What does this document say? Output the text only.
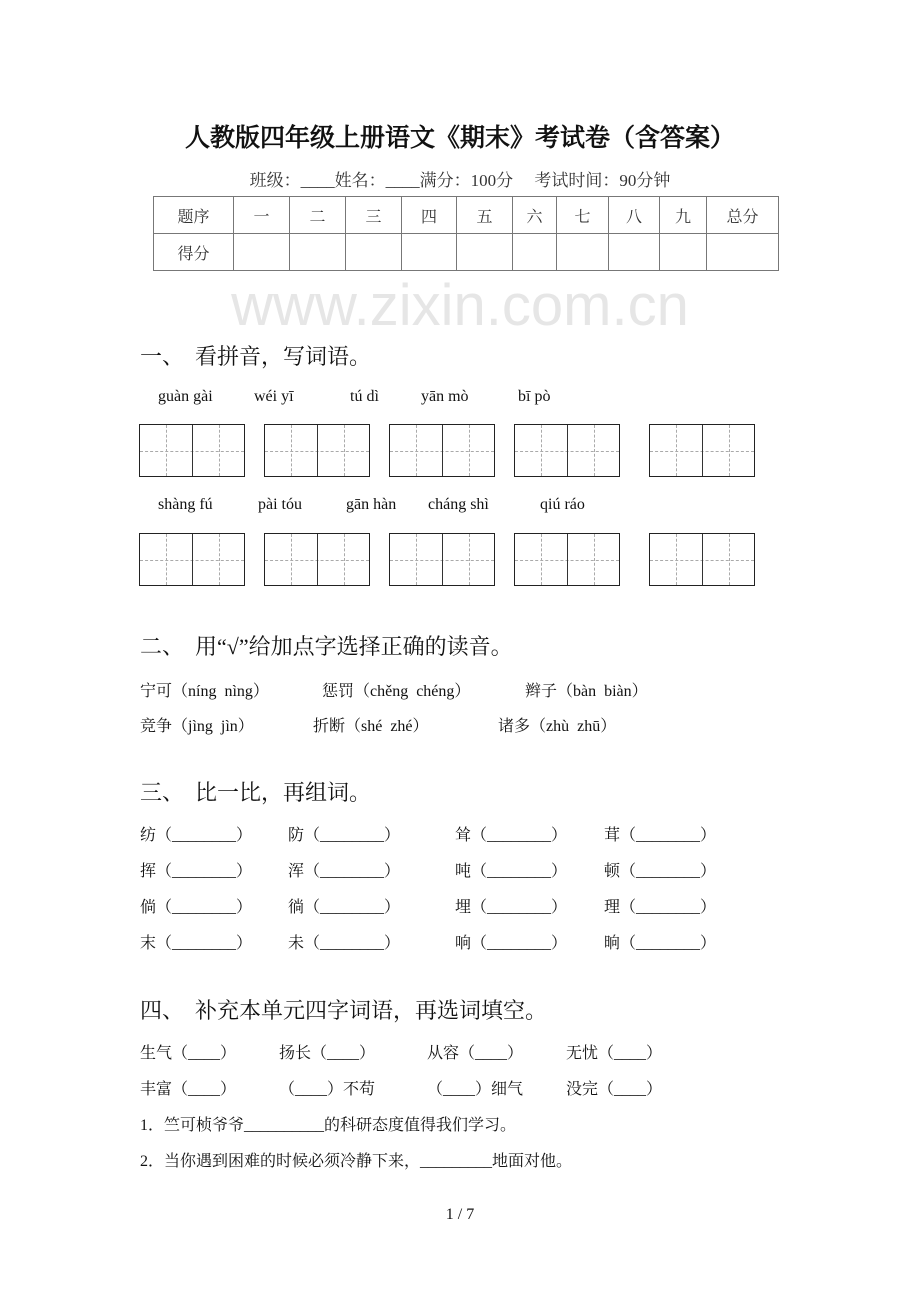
www.zixin.com.cn
人教版四年级上册语文《期末》考试卷（含答案）
班级：____姓名：____满分：100分　 考试时间：90分钟
题序	一	二	三	四	五	六	七	八	九	总分
得分										
一、　看拼音，写词语。
二、　用“√”给加点字选择正确的读音。
三、　比一比，再组词。
四、　补充本单元四字词语，再选词填空。
1 / 7
guàn gài	wéi yī	tú dì	yān mò	bī pò
shàng fú	pài tóu	gān hàn cháng shì	qiú ráo
宁可（níng  nìng）	惩罚（chěng  chéng）	辫子（bàn  biàn）
竞争（jìng  jìn）	折断（shé  zhé）	诸多（zhù  zhū）
纺（________） 防（________）	耸（________） 茸（________）
挥（________） 浑（________）	吨（________） 顿（________）
倘（________） 徜（________）	埋（________） 理（________）
末（________） 未（________）	响（________） 晌（________）
生气（____）	扬长（____）	从容（____）	无忧（____）
丰富（____）	（____）不苟	（____）细气	没完（____）
1．竺可桢爷爷__________的科研态度值得我们学习。
2．当你遇到困难的时候必须冷静下来，_________地面对他。
